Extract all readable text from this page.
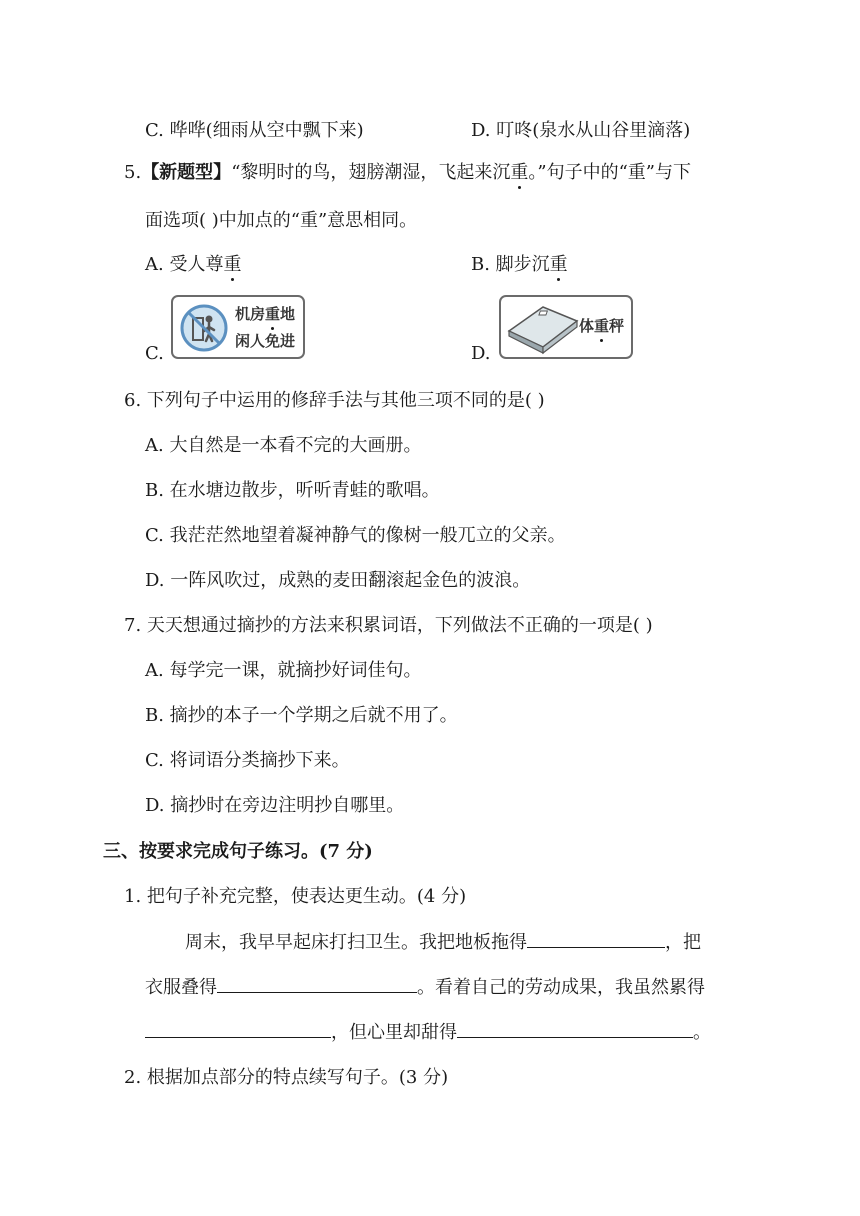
C. 哗哗(细雨从空中飘下来)	D. 叮咚(泉水从山谷里滴落)
5.【新题型】“黎明时的鸟，翅膀潮湿，飞起来沉重。”句子中的“重”与下
面选项( )中加点的“重”意思相同。
A. 受人尊重	B. 脚步沉重
C.
机房重地
闲人免进
D.
体重秤
6. 下列句子中运用的修辞手法与其他三项不同的是( )
A. 大自然是一本看不完的大画册。
B. 在水塘边散步，听听青蛙的歌唱。
C. 我茫茫然地望着凝神静气的像树一般兀立的父亲。
D. 一阵风吹过，成熟的麦田翻滚起金色的波浪。
7. 天天想通过摘抄的方法来积累词语，下列做法不正确的一项是( )
A. 每学完一课，就摘抄好词佳句。
B. 摘抄的本子一个学期之后就不用了。
C. 将词语分类摘抄下来。
D. 摘抄时在旁边注明抄自哪里。
三、按要求完成句子练习。(7 分)
1. 把句子补充完整，使表达更生动。(4 分)
周末，我早早起床打扫卫生。我把地板拖得	，把
衣服叠得	。看着自己的劳动成果，我虽然累得
，但心里却甜得	。
2. 根据加点部分的特点续写句子。(3 分)
